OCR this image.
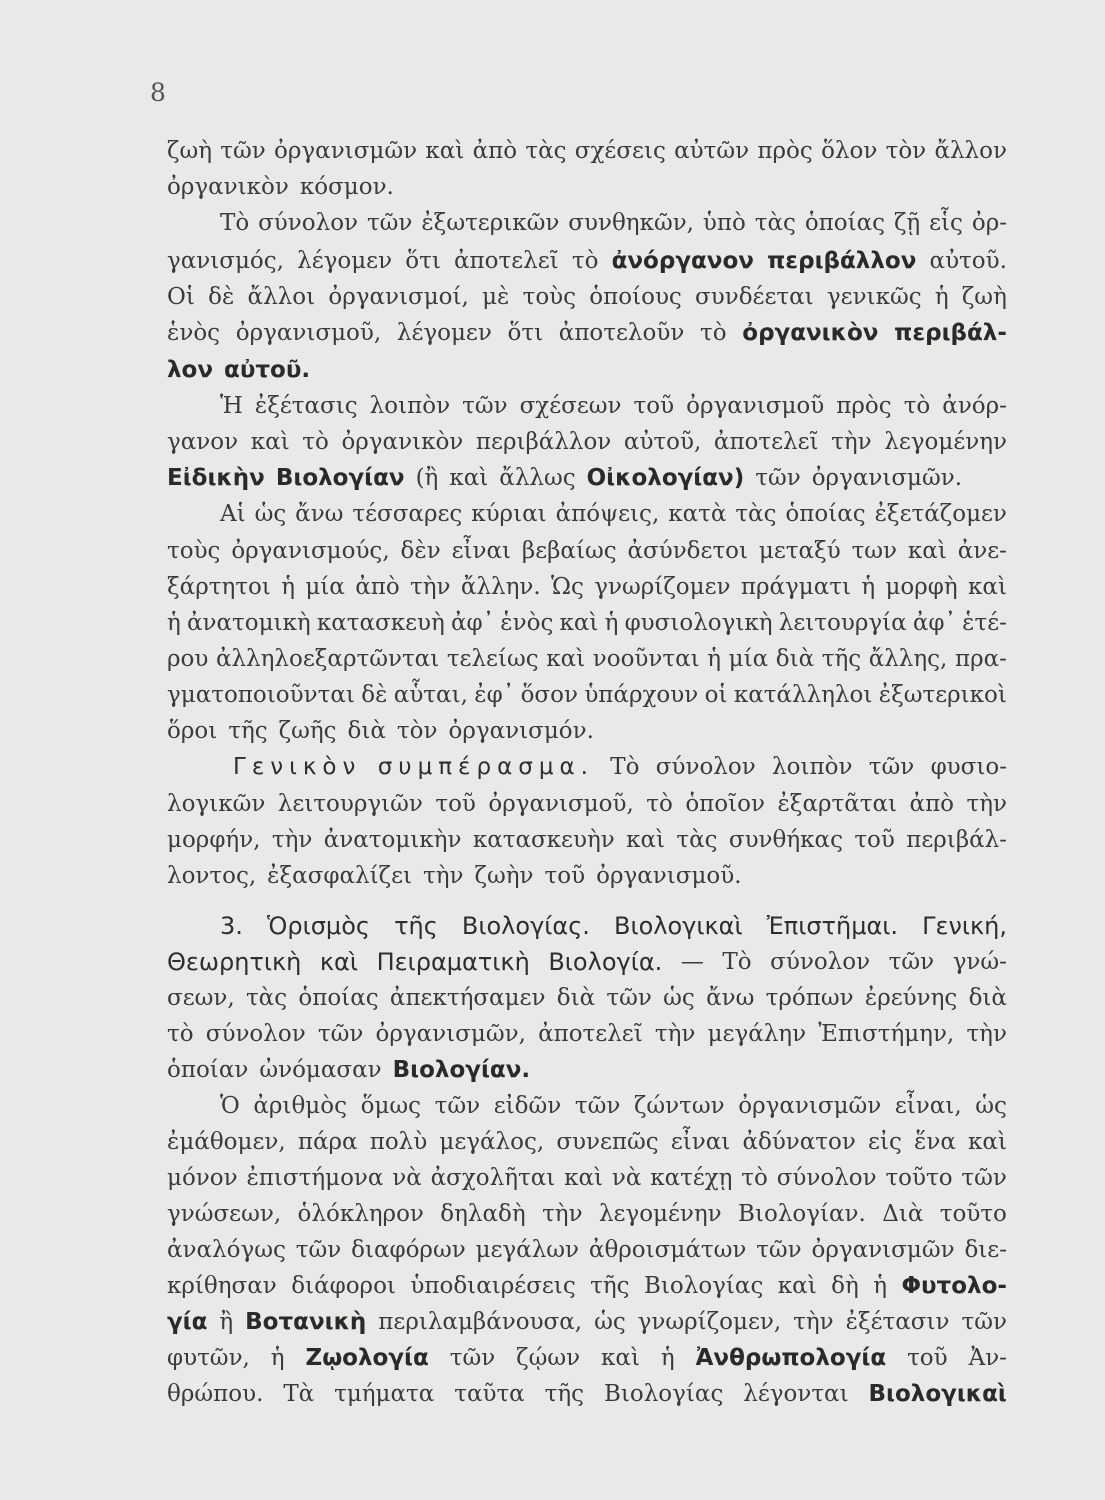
8
ζωὴ τῶν ὀργανισμῶν καὶ ἀπὸ τὰς σχέσεις αὐτῶν πρὸς ὅλον τὸν ἄλλον
ὀργανικὸν κόσμον.
Τὸ σύνολον τῶν ἐξωτερικῶν συνθηκῶν, ὑπὸ τὰς ὁποίας ζῇ εἷς ὀρ-
γανισμός, λέγομεν ὅτι ἀποτελεῖ τὸ ἀνόργανον περιβάλλον αὐτοῦ.
Οἱ δὲ ἄλλοι ὀργανισμοί, μὲ τοὺς ὁποίους συνδέεται γενικῶς ἡ ζωὴ
ἑνὸς ὀργανισμοῦ, λέγομεν ὅτι ἀποτελοῦν τὸ ὀργανικὸν περιβάλ-
λον αὐτοῦ.
Ἡ ἐξέτασις λοιπὸν τῶν σχέσεων τοῦ ὀργανισμοῦ πρὸς τὸ ἀνόρ-
γανον καὶ τὸ ὀργανικὸν περιβάλλον αὐτοῦ, ἀποτελεῖ τὴν λεγομένην
Εἰδικὴν Βιολογίαν (ἢ καὶ ἄλλως Οἰκολογίαν) τῶν ὀργανισμῶν.
Αἱ ὡς ἄνω τέσσαρες κύριαι ἀπόψεις, κατὰ τὰς ὁποίας ἐξετάζομεν
τοὺς ὀργανισμούς, δὲν εἶναι βεβαίως ἀσύνδετοι μεταξύ των καὶ ἀνε-
ξάρτητοι ἡ μία ἀπὸ τὴν ἄλλην. Ὡς γνωρίζομεν πράγματι ἡ μορφὴ καὶ
ἡ ἀνατομικὴ κατασκευὴ ἀφ᾽ ἑνὸς καὶ ἡ φυσιολογικὴ λειτουργία ἀφ᾽ ἑτέ-
ρου ἀλληλοεξαρτῶνται τελείως καὶ νοοῦνται ἡ μία διὰ τῆς ἄλλης, πρα-
γματοποιοῦνται δὲ αὗται, ἐφ᾽ ὅσον ὑπάρχουν οἱ κατάλληλοι ἐξωτερικοὶ
ὅροι τῆς ζωῆς διὰ τὸν ὀργανισμόν.
Γενικὸν συμπέρασμα. Τὸ σύνολον λοιπὸν τῶν φυσιο-
λογικῶν λειτουργιῶν τοῦ ὀργανισμοῦ, τὸ ὁποῖον ἐξαρτᾶται ἀπὸ τὴν
μορφήν, τὴν ἀνατομικὴν κατασκευὴν καὶ τὰς συνθήκας τοῦ περιβάλ-
λοντος, ἐξασφαλίζει τὴν ζωὴν τοῦ ὀργανισμοῦ.
3. Ὁρισμὸς τῆς Βιολογίας. Βιολογικαὶ Ἐπιστῆμαι. Γενική,
Θεωρητικὴ καὶ Πειραματικὴ Βιολογία. — Τὸ σύνολον τῶν γνώ-
σεων, τὰς ὁποίας ἀπεκτήσαμεν διὰ τῶν ὡς ἄνω τρόπων ἐρεύνης διὰ
τὸ σύνολον τῶν ὀργανισμῶν, ἀποτελεῖ τὴν μεγάλην Ἐπιστήμην, τὴν
ὁποίαν ὠνόμασαν Βιολογίαν.
Ὁ ἀριθμὸς ὅμως τῶν εἰδῶν τῶν ζώντων ὀργανισμῶν εἶναι, ὡς
ἐμάθομεν, πάρα πολὺ μεγάλος, συνεπῶς εἶναι ἀδύνατον εἰς ἕνα καὶ
μόνον ἐπιστήμονα νὰ ἀσχολῆται καὶ νὰ κατέχῃ τὸ σύνολον τοῦτο τῶν
γνώσεων, ὁλόκληρον δηλαδὴ τὴν λεγομένην Βιολογίαν. Διὰ τοῦτο
ἀναλόγως τῶν διαφόρων μεγάλων ἀθροισμάτων τῶν ὀργανισμῶν διε-
κρίθησαν διάφοροι ὑποδιαιρέσεις τῆς Βιολογίας καὶ δὴ ἡ Φυτολο-
γία ἢ Βοτανικὴ περιλαμβάνουσα, ὡς γνωρίζομεν, τὴν ἐξέτασιν τῶν
φυτῶν, ἡ Ζῳολογία τῶν ζῴων καὶ ἡ Ἀνθρωπολογία τοῦ Ἀν-
θρώπου. Τὰ τμήματα ταῦτα τῆς Βιολογίας λέγονται Βιολογικαὶ
